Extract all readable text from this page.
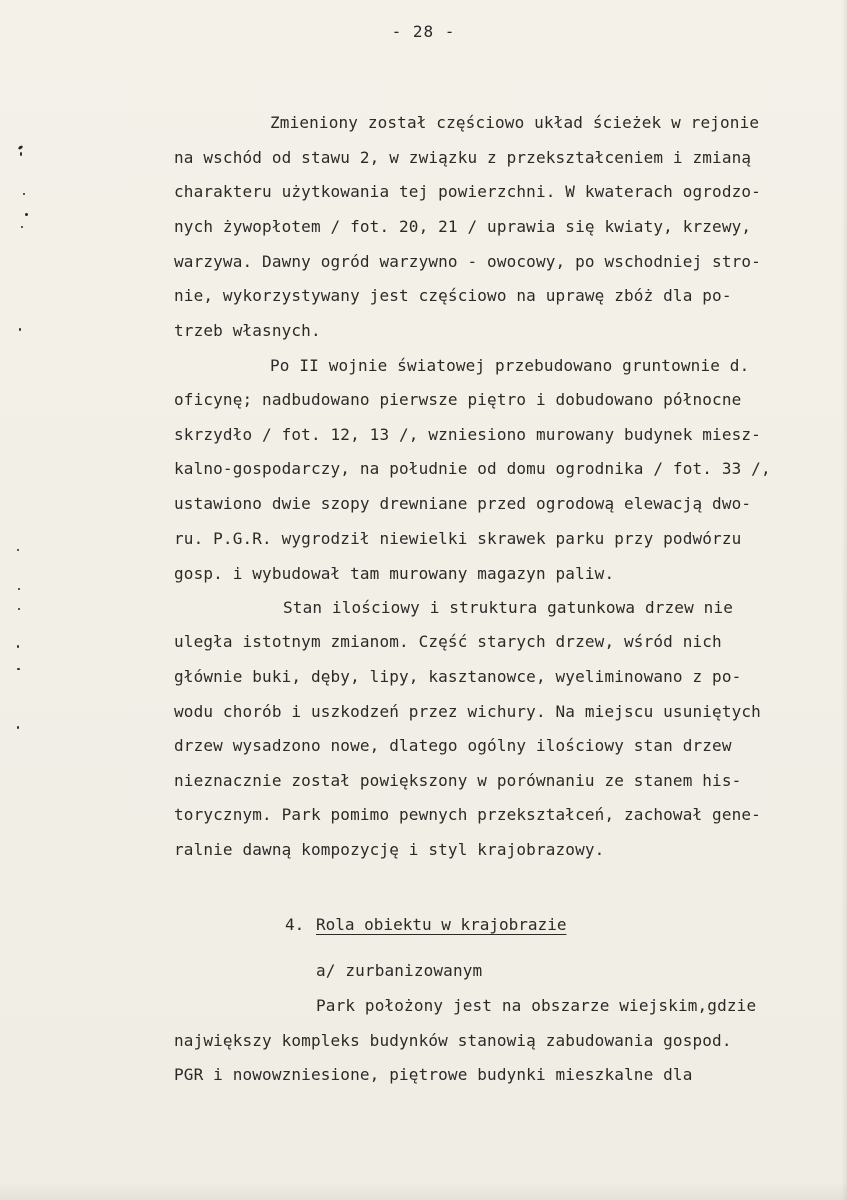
- 28 -
Zmieniony został częściowo układ ścieżek w rejonie
na wschód od stawu 2, w związku z przekształceniem i zmianą
charakteru użytkowania tej powierzchni. W kwaterach ogrodzo-
nych żywopłotem / fot. 20, 21 / uprawia się kwiaty, krzewy,
warzywa. Dawny ogród warzywno - owocowy, po wschodniej stro-
nie, wykorzystywany jest częściowo na uprawę zbóż dla po-
trzeb własnych.
Po II wojnie światowej przebudowano gruntownie d.
oficynę; nadbudowano pierwsze piętro i dobudowano północne
skrzydło / fot. 12, 13 /, wzniesiono murowany budynek miesz-
kalno-gospodarczy, na południe od domu ogrodnika / fot. 33 /,
ustawiono dwie szopy drewniane przed ogrodową elewacją dwo-
ru. P.G.R. wygrodził niewielki skrawek parku przy podwórzu
gosp. i wybudował tam murowany magazyn paliw.
Stan ilościowy i struktura gatunkowa drzew nie
uległa istotnym zmianom. Część starych drzew, wśród nich
głównie buki, dęby, lipy, kasztanowce, wyeliminowano z po-
wodu chorób i uszkodzeń przez wichury. Na miejscu usuniętych
drzew wysadzono nowe, dlatego ogólny ilościowy stan drzew
nieznacznie został powiększony w porównaniu ze stanem his-
torycznym. Park pomimo pewnych przekształceń, zachował gene-
ralnie dawną kompozycję i styl krajobrazowy.
4. Rola obiektu w krajobrazie
a/ zurbanizowanym
Park położony jest na obszarze wiejskim,gdzie
największy kompleks budynków stanowią zabudowania gospod.
PGR i nowowzniesione, piętrowe budynki mieszkalne dla
